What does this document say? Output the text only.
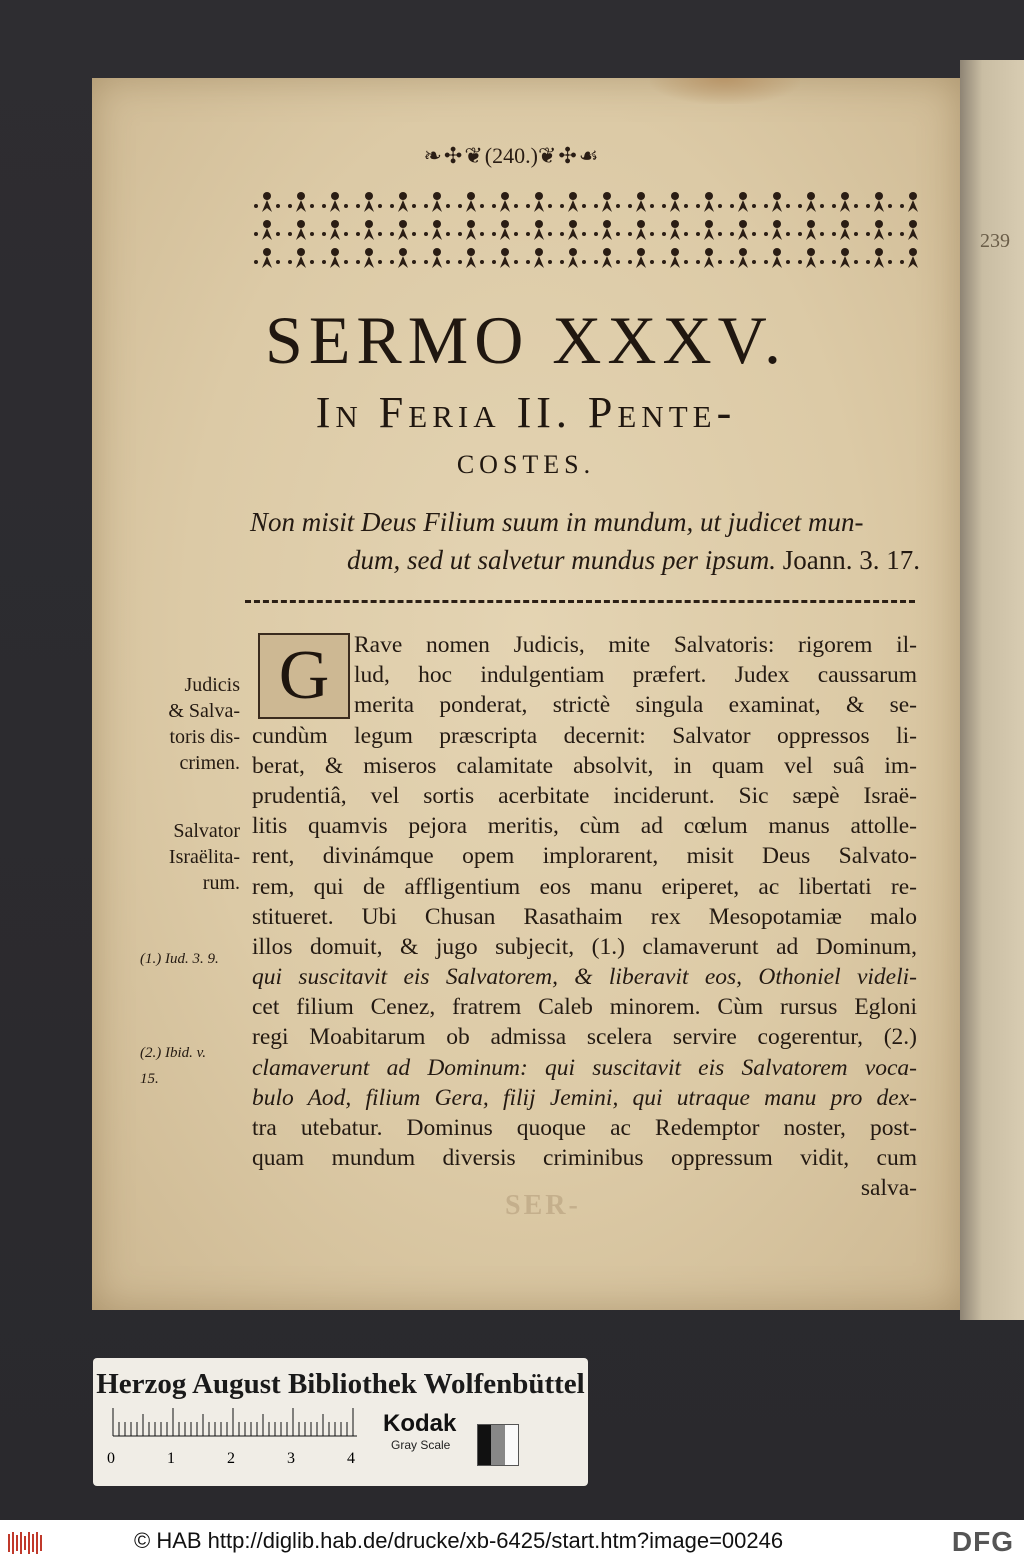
239
❧✣❦(240.)❦✣☙
SERMO XXXV.
In Feria II. Pente-
COSTES.
Non misit Deus Filium suum in mundum, ut judicet mun-
dum, sed ut salvetur mundus per ipsum. Joann. 3. 17.
G	Rave nomen Judicis, mite Salvatoris: rigorem il-
lud, hoc indulgentiam præfert. Judex caussarum
merita ponderat, strictè singula examinat, & se-
cundùm legum præscripta decernit: Salvator oppressos li-
berat, & miseros calamitate absolvit, in quam vel suâ im-
prudentiâ, vel sortis acerbitate inciderunt. Sic sæpè Israë-
litis quamvis pejora meritis, cùm ad cœlum manus attolle-
rent, divinámque opem implorarent, misit Deus Salvato-
rem, qui de affligentium eos manu eriperet, ac libertati re-
stitueret. Ubi Chusan Rasathaim rex Mesopotamiæ malo
illos domuit, & jugo subjecit, (1.) clamaverunt ad Dominum,
qui suscitavit eis Salvatorem, & liberavit eos, Othoniel videli-
cet filium Cenez, fratrem Caleb minorem. Cùm rursus Egloni
regi Moabitarum ob admissa scelera servire cogerentur, (2.)
clamaverunt ad Dominum: qui suscitavit eis Salvatorem voca-
bulo Aod, filium Gera, filij Jemini, qui utraque manu pro dex-
tra utebatur. Dominus quoque ac Redemptor noster, post-
quam mundum diversis criminibus oppressum vidit, cum
salva-
Judicis
& Salva-
toris dis-
crimen.
Salvator
Israëlita-
rum.
(1.) Iud. 3. 9.
(2.) Ibid. v.
15.
SER-
Herzog August Bibliothek Wolfenbüttel
0	1	2	3	4
Kodak
Gray Scale
© HAB http://diglib.hab.de/drucke/xb-6425/start.htm?image=00246	DFG
